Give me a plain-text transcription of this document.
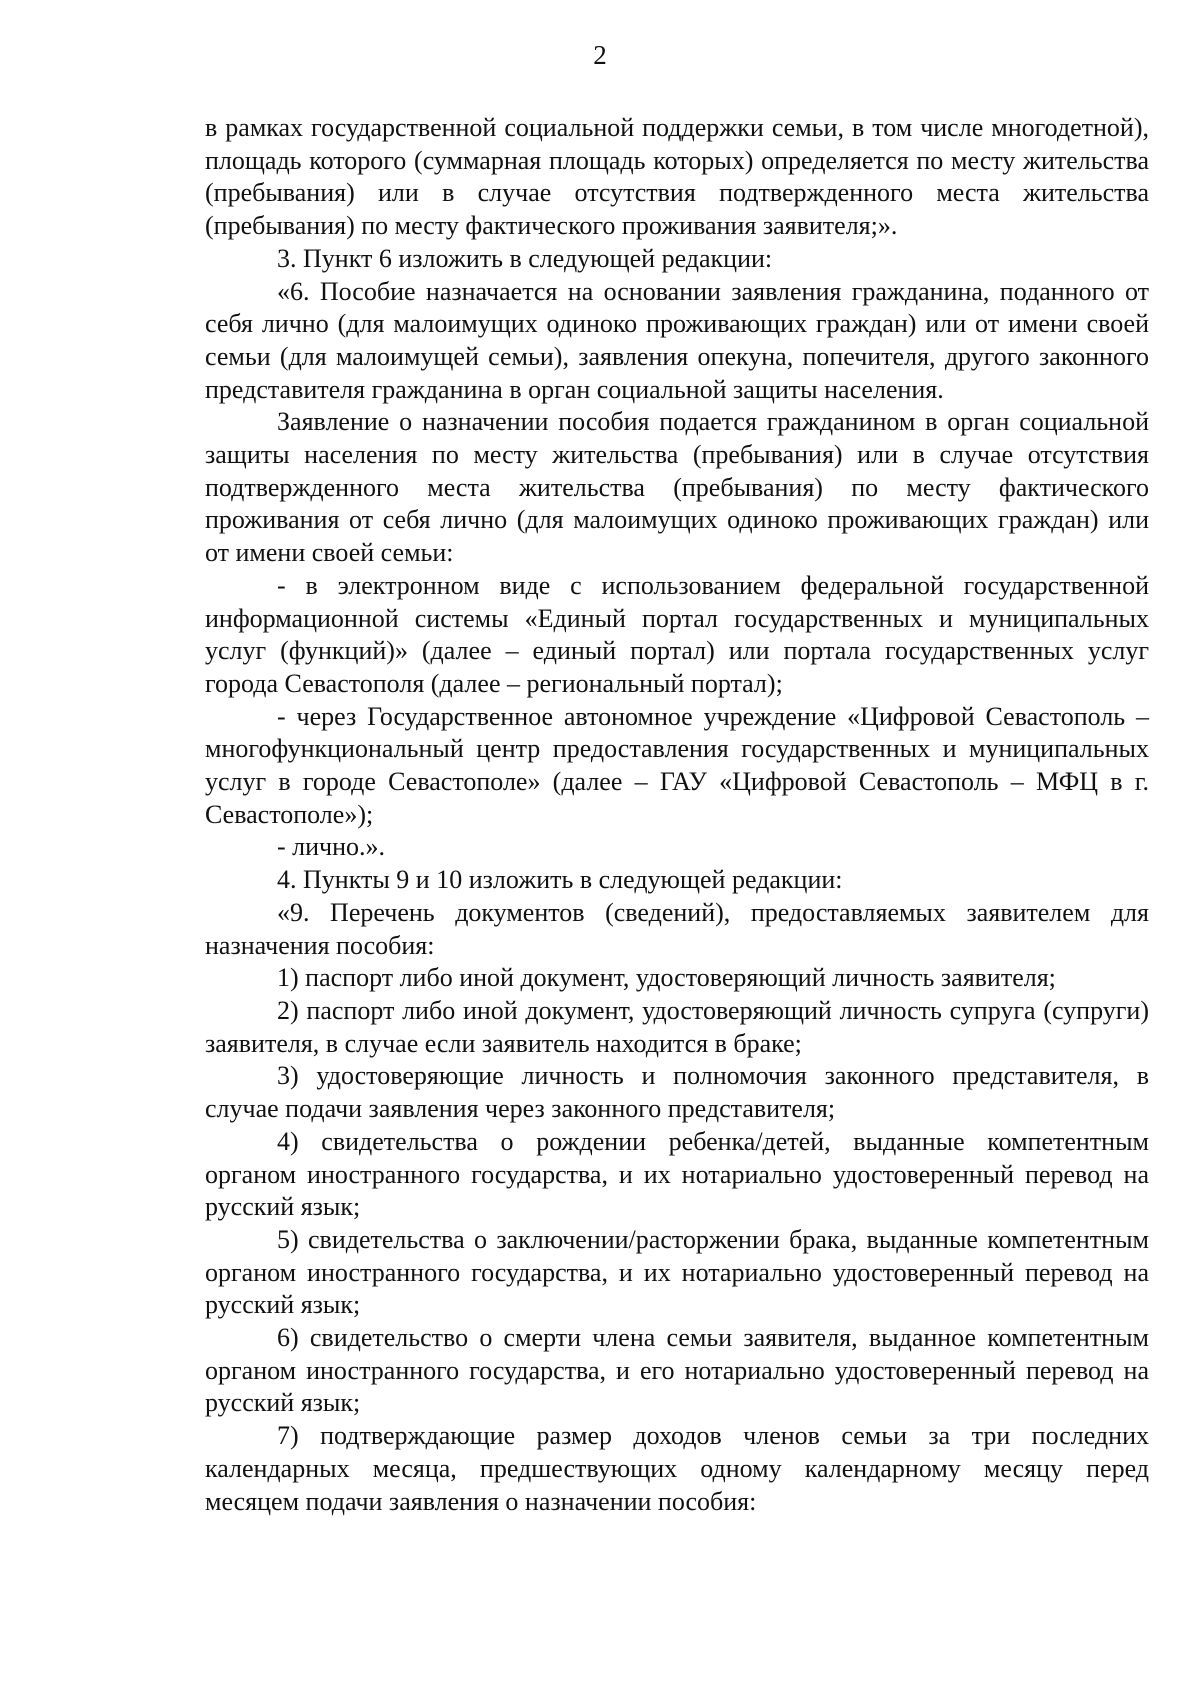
2

в рамках государственной социальной поддержки семьи, в том числе многодетной), площадь которого (суммарная площадь которых) определяется по месту жительства (пребывания) или в случае отсутствия подтвержденного места жительства (пребывания) по месту фактического проживания заявителя;».

3. Пункт 6 изложить в следующей редакции:

«6. Пособие назначается на основании заявления гражданина, поданного от себя лично (для малоимущих одиноко проживающих граждан) или от имени своей семьи (для малоимущей семьи), заявления опекуна, попечителя, другого законного представителя гражданина в орган социальной защиты населения.

Заявление о назначении пособия подается гражданином в орган социальной защиты населения по месту жительства (пребывания) или в случае отсутствия подтвержденного места жительства (пребывания) по месту фактического проживания от себя лично (для малоимущих одиноко проживающих граждан) или от имени своей семьи:

- в электронном виде с использованием федеральной государственной информационной системы «Единый портал государственных и муниципальных услуг (функций)» (далее – единый портал) или портала государственных услуг города Севастополя (далее – региональный портал);

- через Государственное автономное учреждение «Цифровой Севастополь – многофункциональный центр предоставления государственных и муниципальных услуг в городе Севастополе» (далее – ГАУ «Цифровой Севастополь – МФЦ в г. Севастополе»);

- лично.».

4. Пункты 9 и 10 изложить в следующей редакции:

«9. Перечень документов (сведений), предоставляемых заявителем для назначения пособия:

1) паспорт либо иной документ, удостоверяющий личность заявителя;

2) паспорт либо иной документ, удостоверяющий личность супруга (супруги) заявителя, в случае если заявитель находится в браке;

3) удостоверяющие личность и полномочия законного представителя, в случае подачи заявления через законного представителя;

4) свидетельства о рождении ребенка/детей, выданные компетентным органом иностранного государства, и их нотариально удостоверенный перевод на русский язык;

5) свидетельства о заключении/расторжении брака, выданные компетентным органом иностранного государства, и их нотариально удостоверенный перевод на русский язык;

6) свидетельство о смерти члена семьи заявителя, выданное компетентным органом иностранного государства, и его нотариально удостоверенный перевод на русский язык;

7) подтверждающие размер доходов членов семьи за три последних календарных месяца, предшествующих одному календарному месяцу перед месяцем подачи заявления о назначении пособия:
